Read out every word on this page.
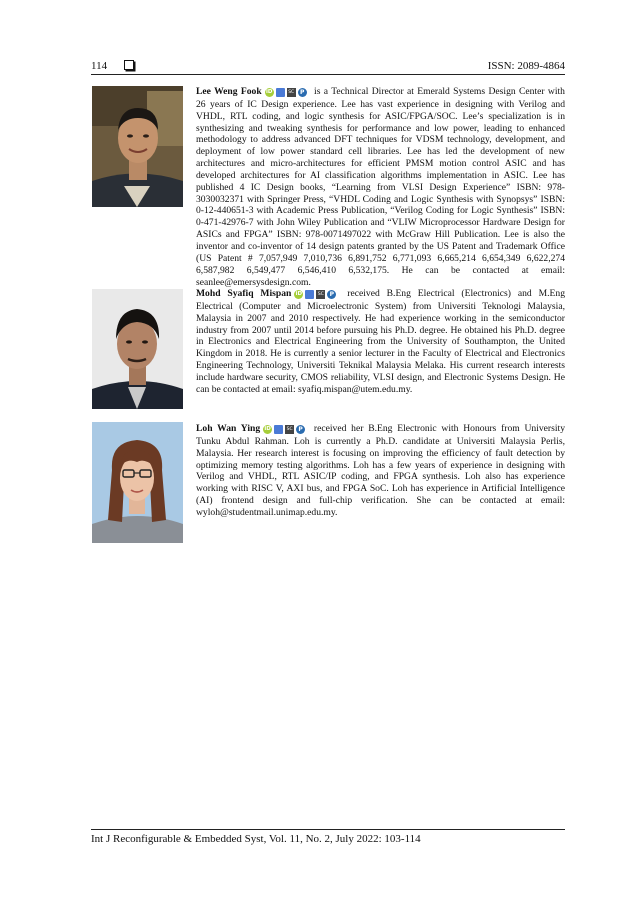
114	ISSN: 2089-4864
Lee Weng Fook iD	SC P is a Technical Director at Emerald Systems Design Center with 26 years of IC Design experience. Lee has vast experience in designing with Verilog and VHDL, RTL coding, and logic synthesis for ASIC/FPGA/SOC. Lee’s specialization is in synthesizing and tweaking synthesis for performance and low power, leading to enhanced methodology to address advanced DFT techniques for VDSM technology, development, and deployment of low power standard cell libraries. Lee has led the development of new architectures and micro-architectures for efficient PMSM motion control ASIC and has developed architectures for AI classification algorithms implementation in ASIC. Lee has published 4 IC Design books, “Learning from VLSI Design Experience” ISBN: 978-3030032371 with Springer Press, “VHDL Coding and Logic Synthesis with Synopsys” ISBN: 0-12-440651-3 with Academic Press Publication, “Verilog Coding for Logic Synthesis” ISBN: 0-471-42976-7 with John Wiley Publication and “VLIW Microprocessor Hardware Design for ASICs and FPGA” ISBN: 978-0071497022 with McGraw Hill Publication. Lee is also the inventor and co-inventor of 14 design patents granted by the US Patent and Trademark Office (US Patent # 7,057,949 7,010,736 6,891,752 6,771,093 6,665,214 6,654,349 6,622,274 6,587,982 6,549,477 6,546,410 6,532,175. He can be contacted at email: seanlee@emersysdesign.com.
Mohd Syafiq Mispan iD	SC P received B.Eng Electrical (Electronics) and M.Eng Electrical (Computer and Microelectronic System) from Universiti Teknologi Malaysia, Malaysia in 2007 and 2010 respectively. He had experience working in the semiconductor industry from 2007 until 2014 before pursuing his Ph.D. degree. He obtained his Ph.D. degree in Electronics and Electrical Engineering from the University of Southampton, the United Kingdom in 2018. He is currently a senior lecturer in the Faculty of Electrical and Electronics Engineering Technology, Universiti Teknikal Malaysia Melaka. His current research interests include hardware security, CMOS reliability, VLSI design, and Electronic Systems Design. He can be contacted at email: syafiq.mispan@utem.edu.my.
Loh Wan Ying iD	SC P received her B.Eng Electronic with Honours from University Tunku Abdul Rahman. Loh is currently a Ph.D. candidate at Universiti Malaysia Perlis, Malaysia. Her research interest is focusing on improving the efficiency of fault detection by optimizing memory testing algorithms. Loh has a few years of experience in designing with Verilog and VHDL, RTL ASIC/IP coding, and FPGA synthesis. Loh also has experience working with RISC V, AXI bus, and FPGA SoC. Loh has experience in Artificial Intelligence (AI) frontend design and full-chip verification. She can be contacted at email: wyloh@studentmail.unimap.edu.my.
Int J Reconfigurable & Embedded Syst, Vol. 11, No. 2, July 2022: 103-114
